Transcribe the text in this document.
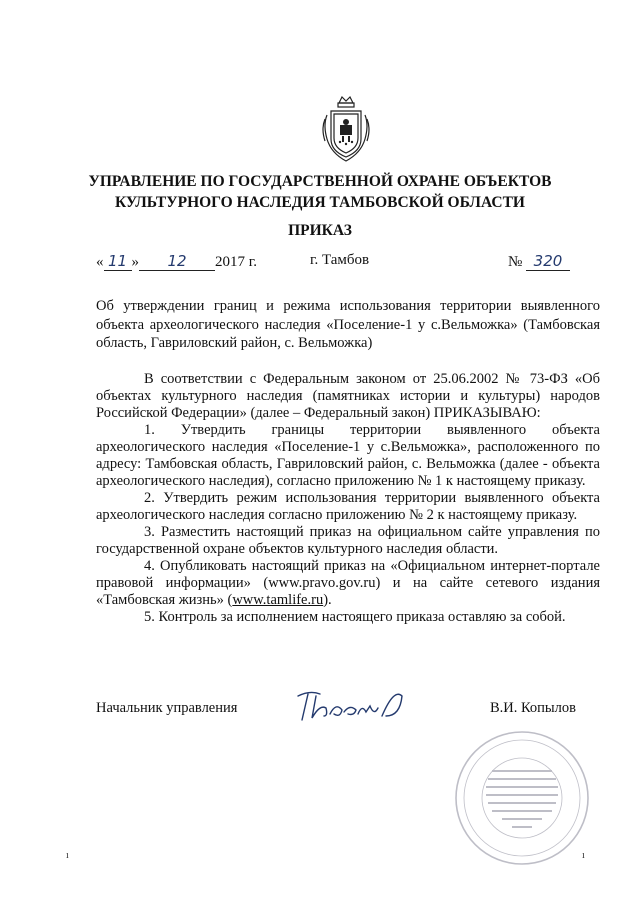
УПРАВЛЕНИЕ ПО ГОСУДАРСТВЕННОЙ ОХРАНЕ ОБЪЕКТОВ
КУЛЬТУРНОГО НАСЛЕДИЯ ТАМБОВСКОЙ ОБЛАСТИ
ПРИКАЗ
« 11 » 12 2017 г.	г. Тамбов	№ 320
Об утверждении границ и режима использования территории выявленного объекта археологического наследия «Поселение-1 у с.Вельможка» (Тамбовская область, Гавриловский район, с. Вельможка)

В соответствии с Федеральным законом от 25.06.2002 № 73-ФЗ «Об объектах культурного наследия (памятниках истории и культуры) народов Российской Федерации» (далее – Федеральный закон) ПРИКАЗЫВАЮ:

1. Утвердить границы территории выявленного объекта археологического наследия «Поселение-1 у с.Вельможка», расположенного по адресу: Тамбовская область, Гавриловский район, с. Вельможка (далее - объекта археологического наследия), согласно приложению № 1 к настоящему приказу.

2. Утвердить режим использования территории выявленного объекта археологического наследия согласно приложению № 2 к настоящему приказу.

3. Разместить настоящий приказ на официальном сайте управления по государственной охране объектов культурного наследия области.

4. Опубликовать настоящий приказ на «Официальном интернет-портале правовой информации» (www.pravo.gov.ru) и на сайте сетевого издания «Тамбовская жизнь» (www.tamlife.ru).

5. Контроль за исполнением настоящего приказа оставляю за собой.

Начальник управления	В.И. Копылов
ı	ı
